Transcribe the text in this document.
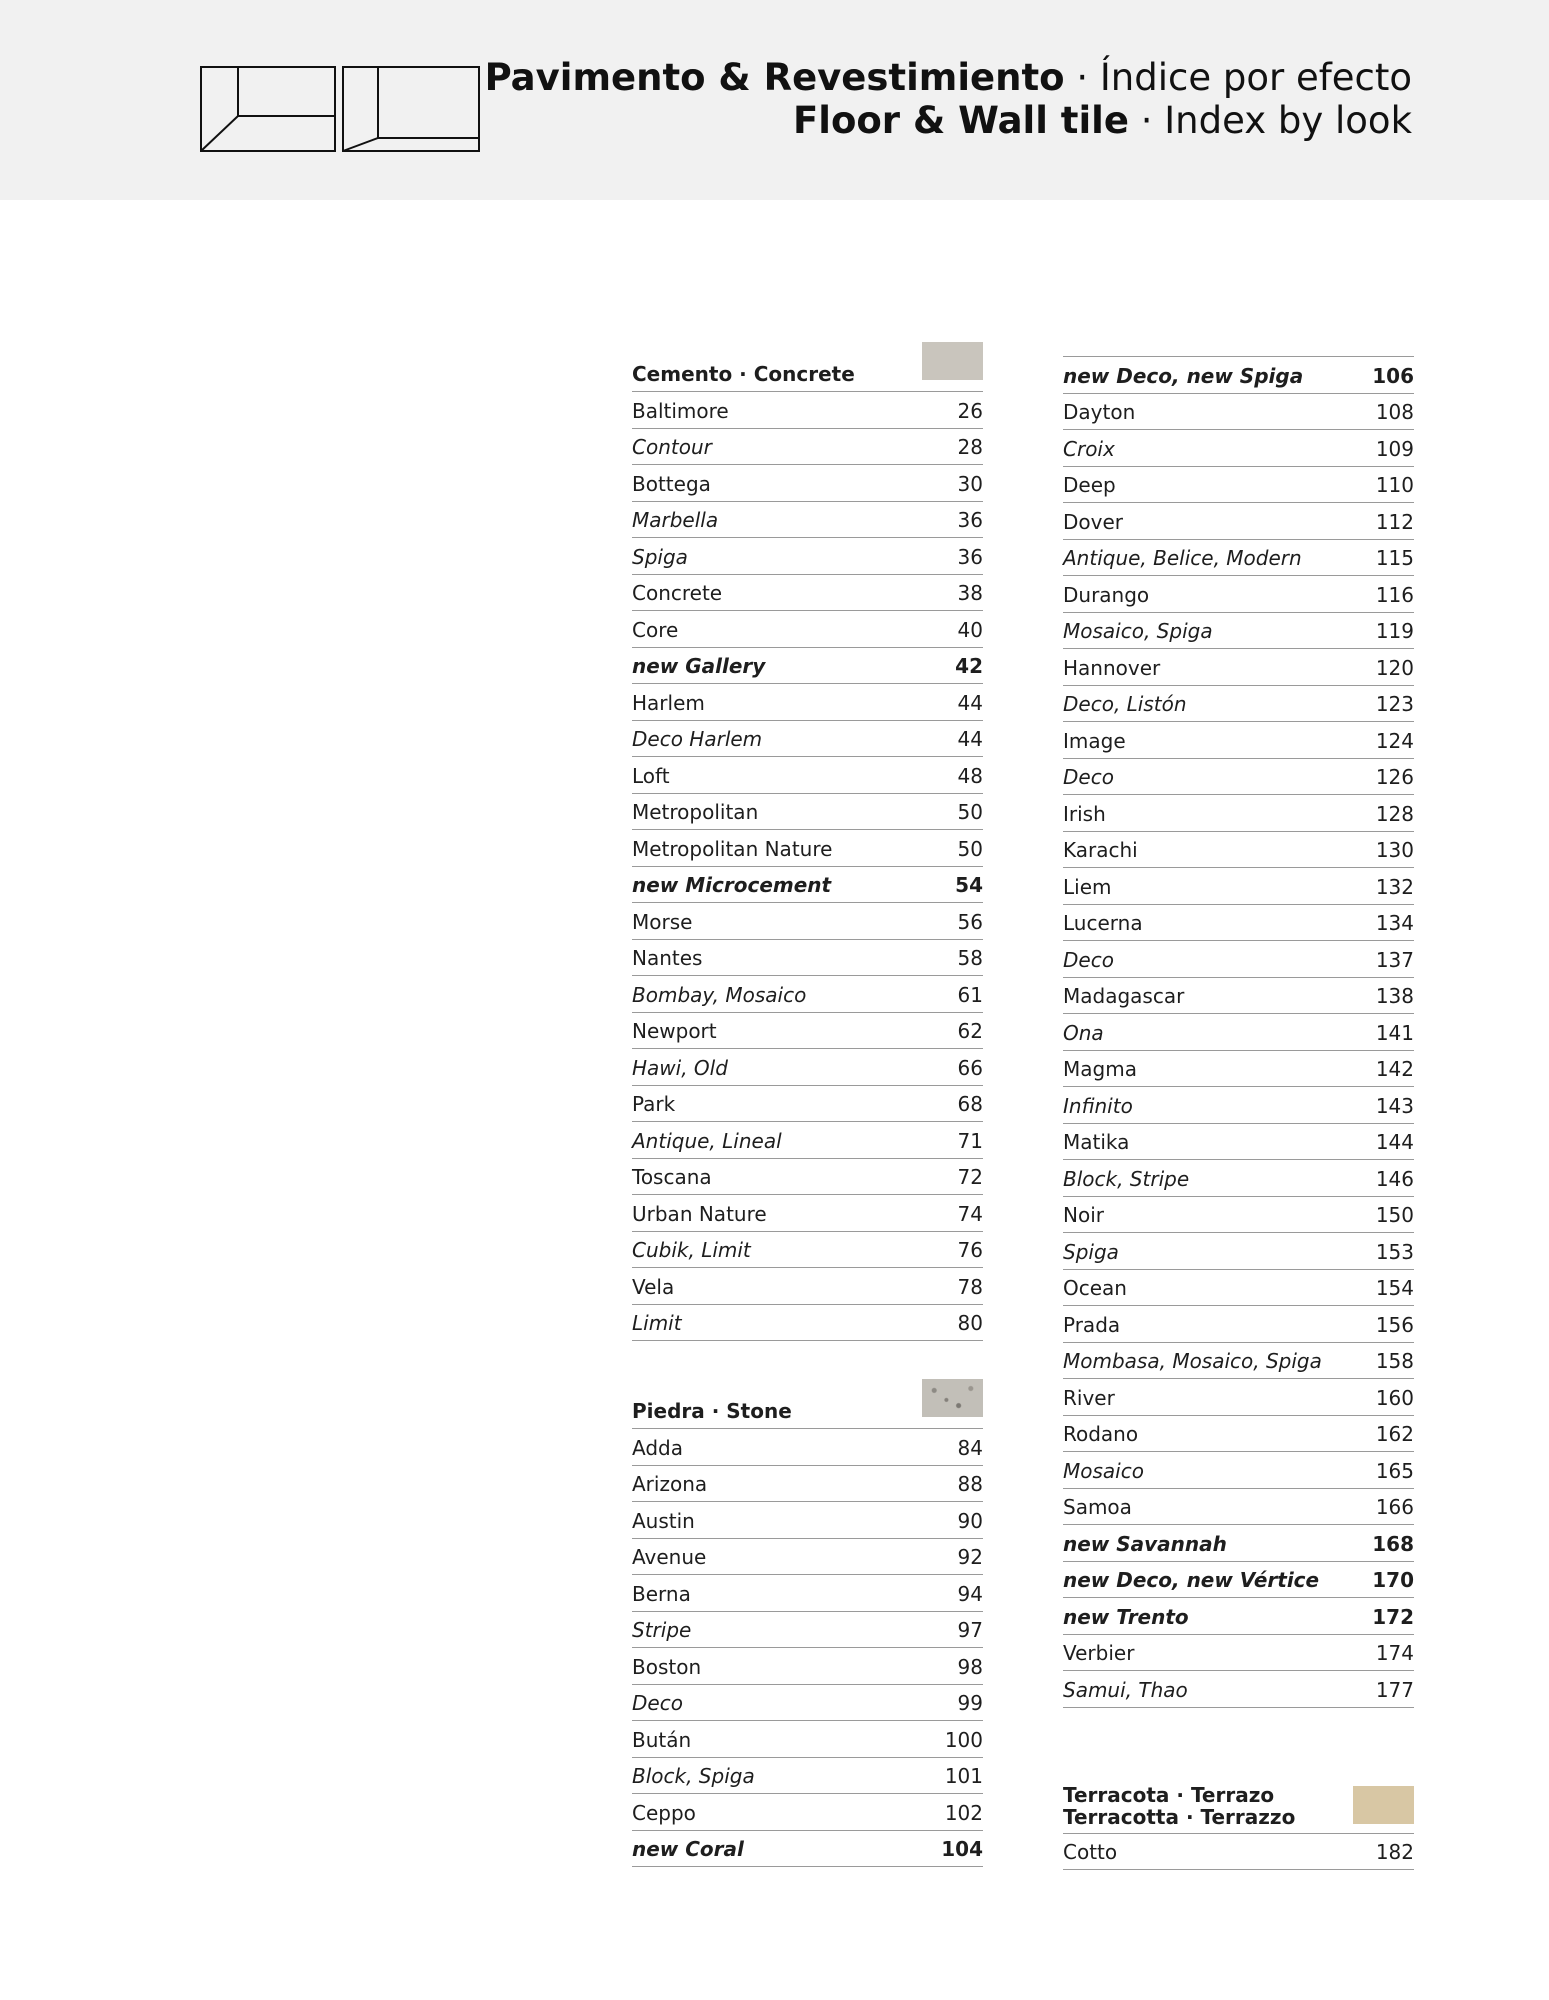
Pavimento & Revestimiento · Índice por efecto
Floor & Wall tile · Index by look
Cemento · Concrete
Baltimore	26
Contour	28
Bottega	30
Marbella	36
Spiga	36
Concrete	38
Core	40
new Gallery	42
Harlem	44
Deco Harlem	44
Loft	48
Metropolitan	50
Metropolitan Nature	50
new Microcement	54
Morse	56
Nantes	58
Bombay, Mosaico	61
Newport	62
Hawi, Old	66
Park	68
Antique, Lineal	71
Toscana	72
Urban Nature	74
Cubik, Limit	76
Vela	78
Limit	80
Piedra · Stone
Adda	84
Arizona	88
Austin	90
Avenue	92
Berna	94
Stripe	97
Boston	98
Deco	99
Bután	100
Block, Spiga	101
Ceppo	102
new Coral	104
new Deco, new Spiga	106
Dayton	108
Croix	109
Deep	110
Dover	112
Antique, Belice, Modern	115
Durango	116
Mosaico, Spiga	119
Hannover	120
Deco, Listón	123
Image	124
Deco	126
Irish	128
Karachi	130
Liem	132
Lucerna	134
Deco	137
Madagascar	138
Ona	141
Magma	142
Infinito	143
Matika	144
Block, Stripe	146
Noir	150
Spiga	153
Ocean	154
Prada	156
Mombasa, Mosaico, Spiga	158
River	160
Rodano	162
Mosaico	165
Samoa	166
new Savannah	168
new Deco, new Vértice	170
new Trento	172
Verbier	174
Samui, Thao	177
Terracota · Terrazo
Terracotta · Terrazzo
Cotto	182
